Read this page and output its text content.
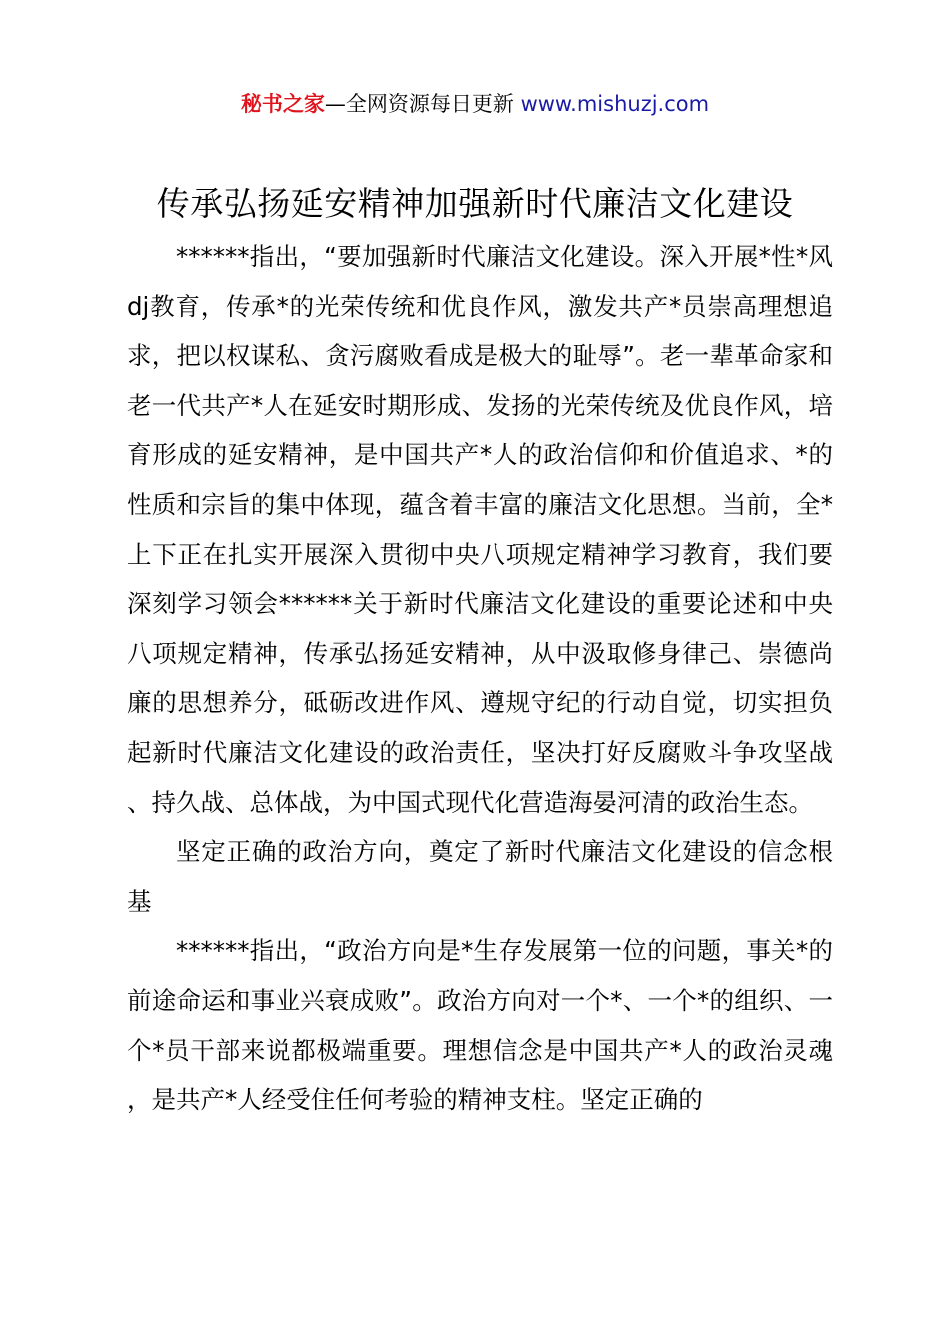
秘书之家—全网资源每日更新 www.mishuzj.com
传承弘扬延安精神加强新时代廉洁文化建设

******指出，“要加强新时代廉洁文化建设。深入开展*性*风dj教育，传承*的光荣传统和优良作风，激发共产*员崇高理想追求，把以权谋私、贪污腐败看成是极大的耻辱”。老一辈革命家和老一代共产*人在延安时期形成、发扬的光荣传统及优良作风，培育形成的延安精神，是中国共产*人的政治信仰和价值追求、*的性质和宗旨的集中体现，蕴含着丰富的廉洁文化思想。当前，全*上下正在扎实开展深入贯彻中央八项规定精神学习教育，我们要深刻学习领会******关于新时代廉洁文化建设的重要论述和中央八项规定精神，传承弘扬延安精神，从中汲取修身律己、崇德尚廉的思想养分，砥砺改进作风、遵规守纪的行动自觉，切实担负起新时代廉洁文化建设的政治责任，坚决打好反腐败斗争攻坚战、持久战、总体战，为中国式现代化营造海晏河清的政治生态。

坚定正确的政治方向，奠定了新时代廉洁文化建设的信念根基

******指出，“政治方向是*生存发展第一位的问题，事关*的前途命运和事业兴衰成败”。政治方向对一个*、一个*的组织、一个*员干部来说都极端重要。理想信念是中国共产*人的政治灵魂，是共产*人经受住任何考验的精神支柱。坚定正确的
